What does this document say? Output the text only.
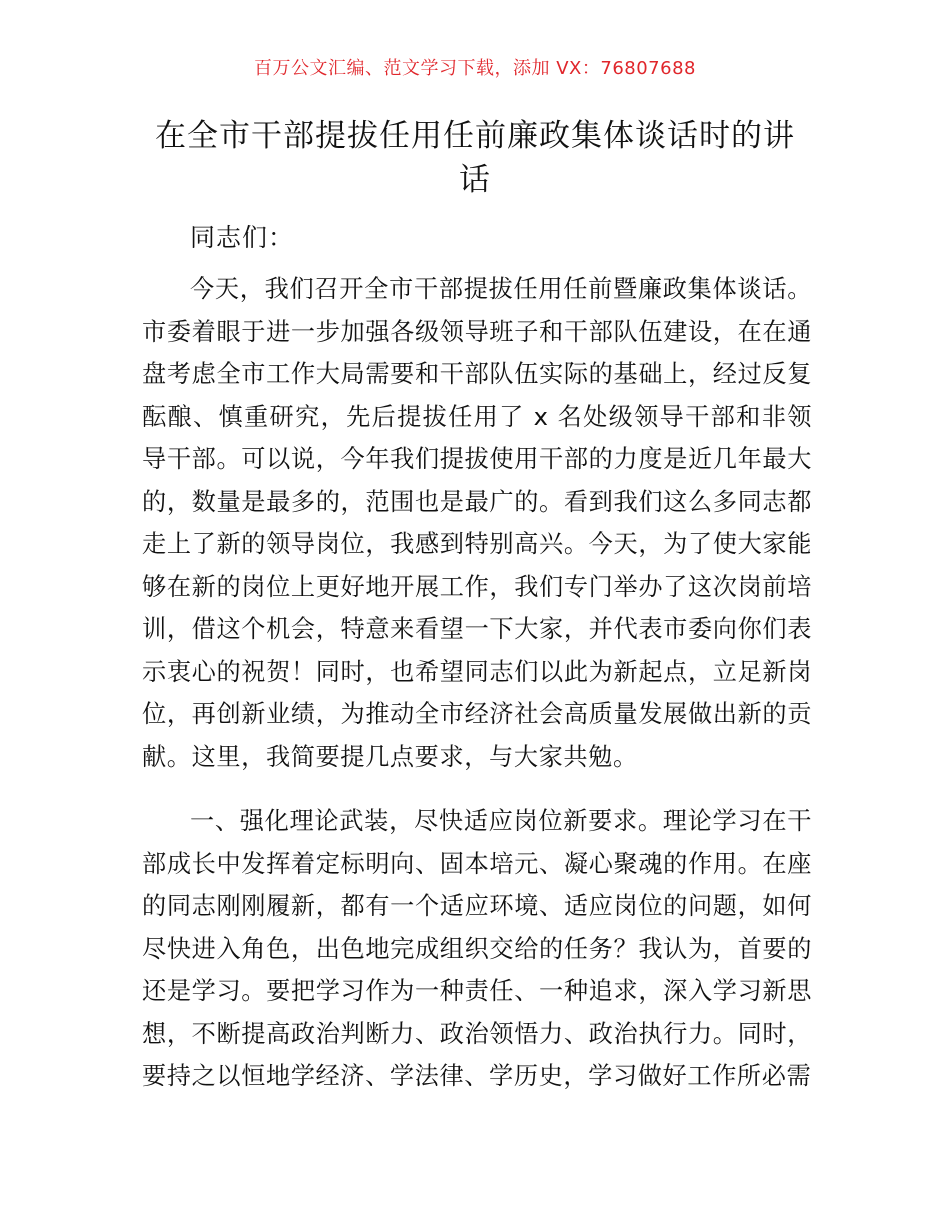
百万公文汇编、范文学习下载，添加 VX：76807688
在全市干部提拔任用任前廉政集体谈话时的讲话
同志们：

今天，我们召开全市干部提拔任用任前暨廉政集体谈话。市委着眼于进一步加强各级领导班子和干部队伍建设，在在通盘考虑全市工作大局需要和干部队伍实际的基础上，经过反复酝酿、慎重研究，先后提拔任用了 x 名处级领导干部和非领导干部。可以说，今年我们提拔使用干部的力度是近几年最大的，数量是最多的，范围也是最广的。看到我们这么多同志都走上了新的领导岗位，我感到特别高兴。今天，为了使大家能够在新的岗位上更好地开展工作，我们专门举办了这次岗前培训，借这个机会，特意来看望一下大家，并代表市委向你们表示衷心的祝贺！同时，也希望同志们以此为新起点，立足新岗位，再创新业绩，为推动全市经济社会高质量发展做出新的贡献。这里，我简要提几点要求，与大家共勉。

一、强化理论武装，尽快适应岗位新要求。理论学习在干部成长中发挥着定标明向、固本培元、凝心聚魂的作用。在座的同志刚刚履新，都有一个适应环境、适应岗位的问题，如何尽快进入角色，出色地完成组织交给的任务？我认为，首要的还是学习。要把学习作为一种责任、一种追求，深入学习新思想，不断提高政治判断力、政治领悟力、政治执行力。同时，要持之以恒地学经济、学法律、学历史，学习做好工作所必需
